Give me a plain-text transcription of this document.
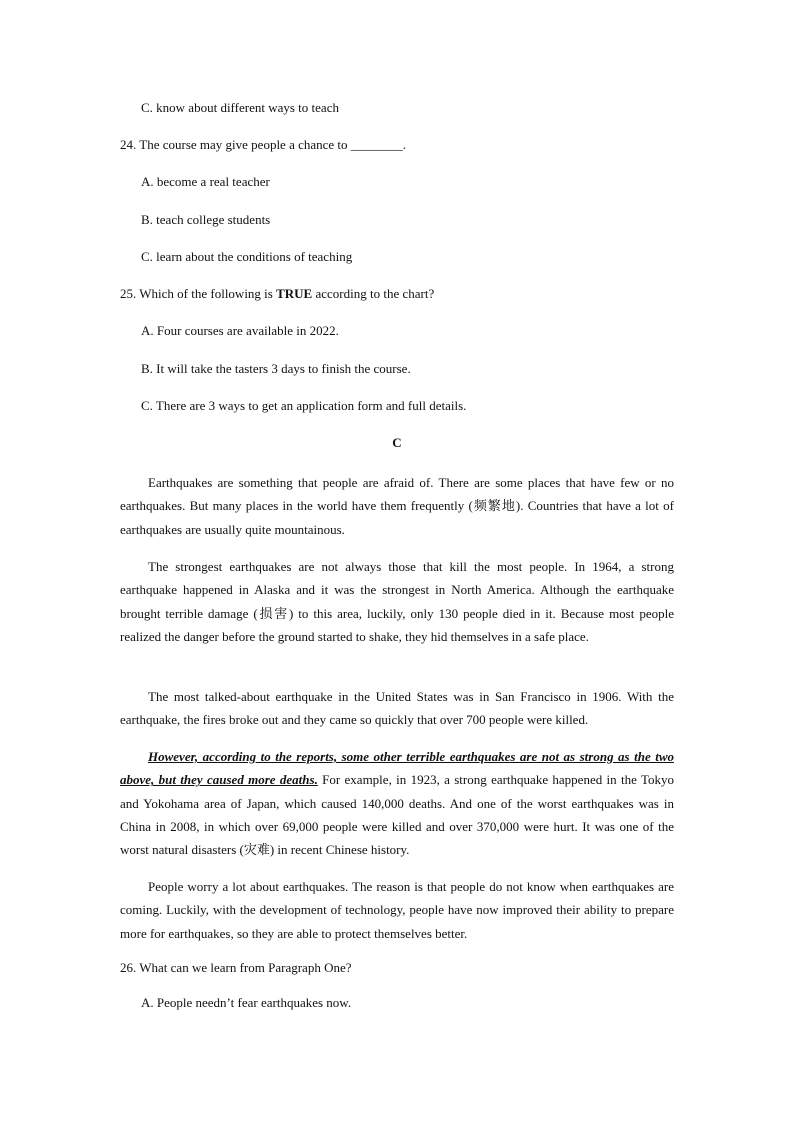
C. know about different ways to teach
24. The course may give people a chance to ________.
A. become a real teacher
B. teach college students
C. learn about the conditions of teaching
25. Which of the following is TRUE according to the chart?
A. Four courses are available in 2022.
B. It will take the tasters 3 days to finish the course.
C. There are 3 ways to get an application form and full details.
C
Earthquakes are something that people are afraid of. There are some places that have few or no earthquakes. But many places in the world have them frequently (频繁地). Countries that have a lot of earthquakes are usually quite mountainous.
The strongest earthquakes are not always those that kill the most people. In 1964, a strong earthquake happened in Alaska and it was the strongest in North America. Although the earthquake brought terrible damage (损害) to this area, luckily, only 130 people died in it. Because most people realized the danger before the ground started to shake, they hid themselves in a safe place.
The most talked-about earthquake in the United States was in San Francisco in 1906. With the earthquake, the fires broke out and they came so quickly that over 700 people were killed.
However, according to the reports, some other terrible earthquakes are not as strong as the two above, but they caused more deaths. For example, in 1923, a strong earthquake happened in the Tokyo and Yokohama area of Japan, which caused 140,000 deaths. And one of the worst earthquakes was in China in 2008, in which over 69,000 people were killed and over 370,000 were hurt. It was one of the worst natural disasters (灾难) in recent Chinese history.
People worry a lot about earthquakes. The reason is that people do not know when earthquakes are coming. Luckily, with the development of technology, people have now improved their ability to prepare more for earthquakes, so they are able to protect themselves better.
26. What can we learn from Paragraph One?
A. People needn’t fear earthquakes now.
